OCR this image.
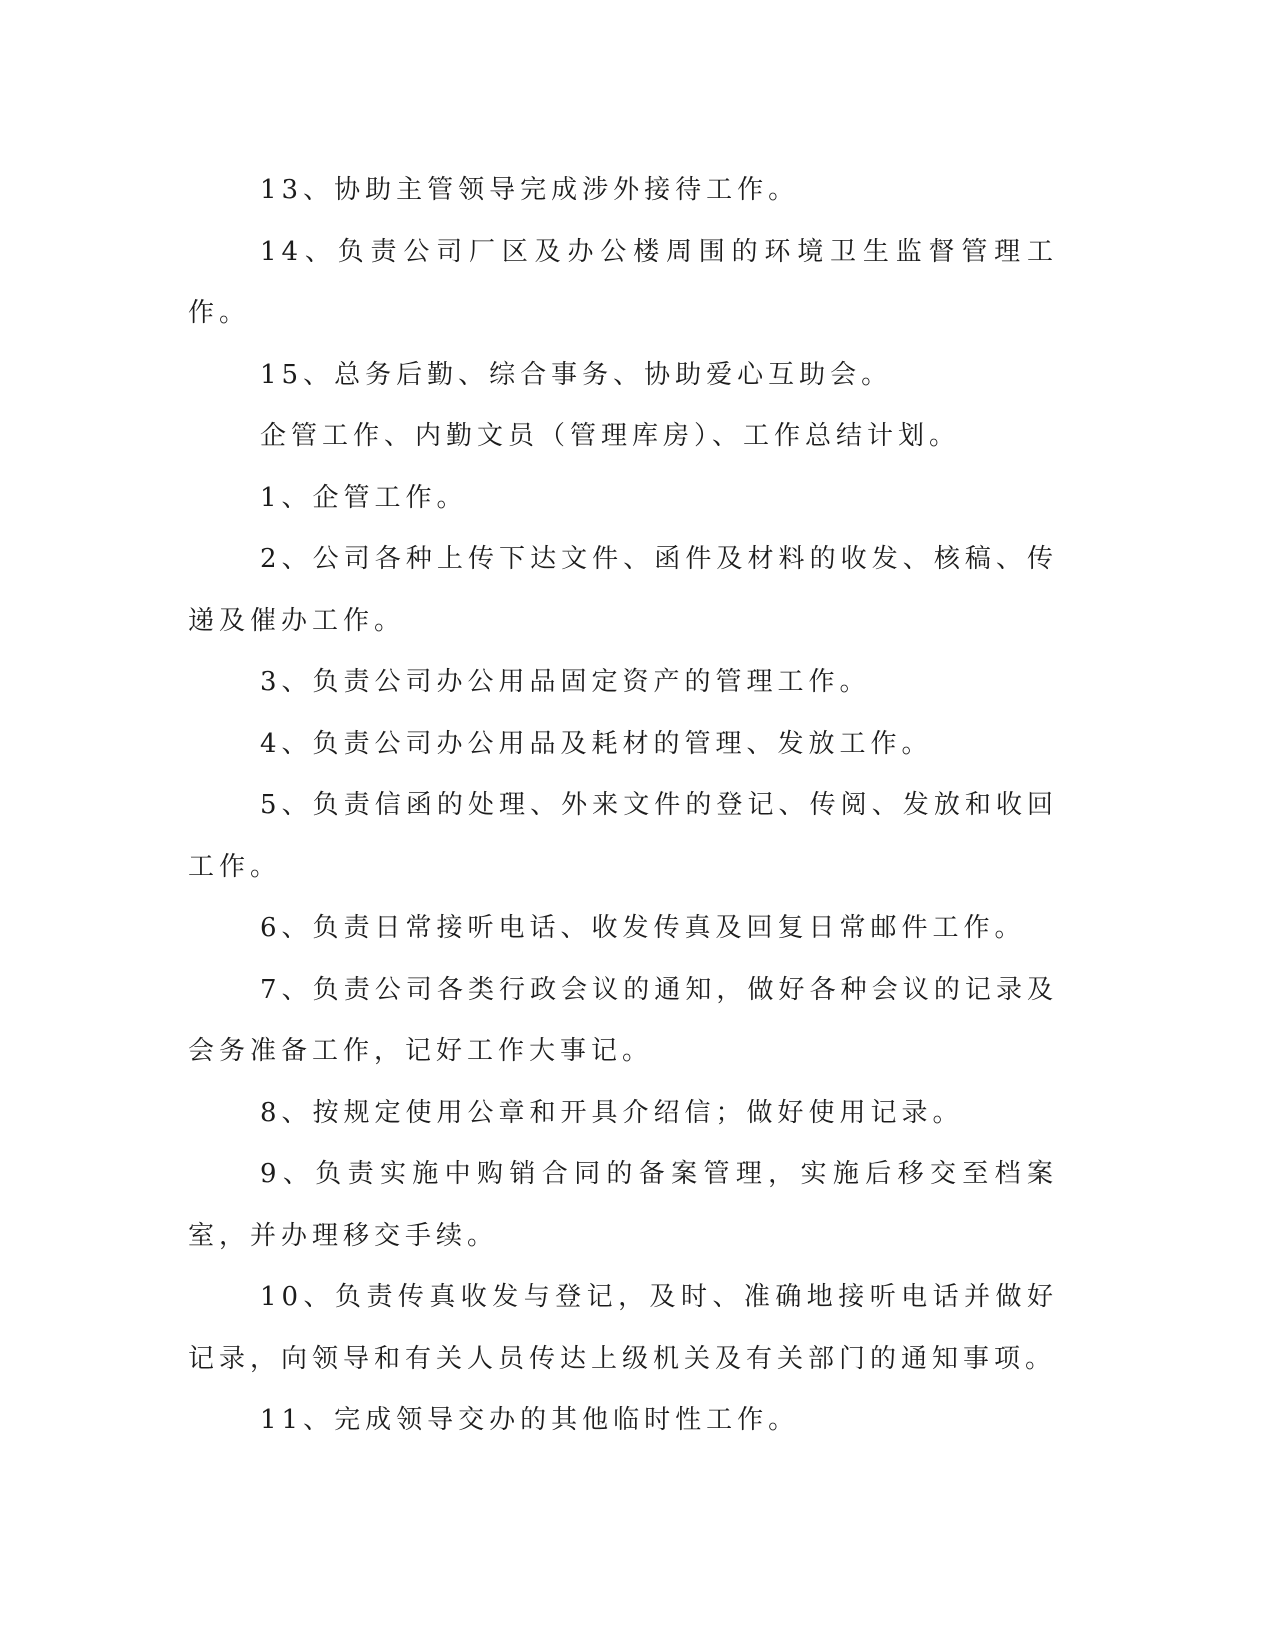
13、协助主管领导完成涉外接待工作。

14、负责公司厂区及办公楼周围的环境卫生监督管理工作。

15、总务后勤、综合事务、协助爱心互助会。

企管工作、内勤文员（管理库房）、工作总结计划。

1、企管工作。

2、公司各种上传下达文件、函件及材料的收发、核稿、传递及催办工作。

3、负责公司办公用品固定资产的管理工作。

4、负责公司办公用品及耗材的管理、发放工作。

5、负责信函的处理、外来文件的登记、传阅、发放和收回工作。

6、负责日常接听电话、收发传真及回复日常邮件工作。

7、负责公司各类行政会议的通知，做好各种会议的记录及会务准备工作，记好工作大事记。

8、按规定使用公章和开具介绍信；做好使用记录。

9、负责实施中购销合同的备案管理，实施后移交至档案室，并办理移交手续。

10、负责传真收发与登记，及时、准确地接听电话并做好记录，向领导和有关人员传达上级机关及有关部门的通知事项。

11、完成领导交办的其他临时性工作。
